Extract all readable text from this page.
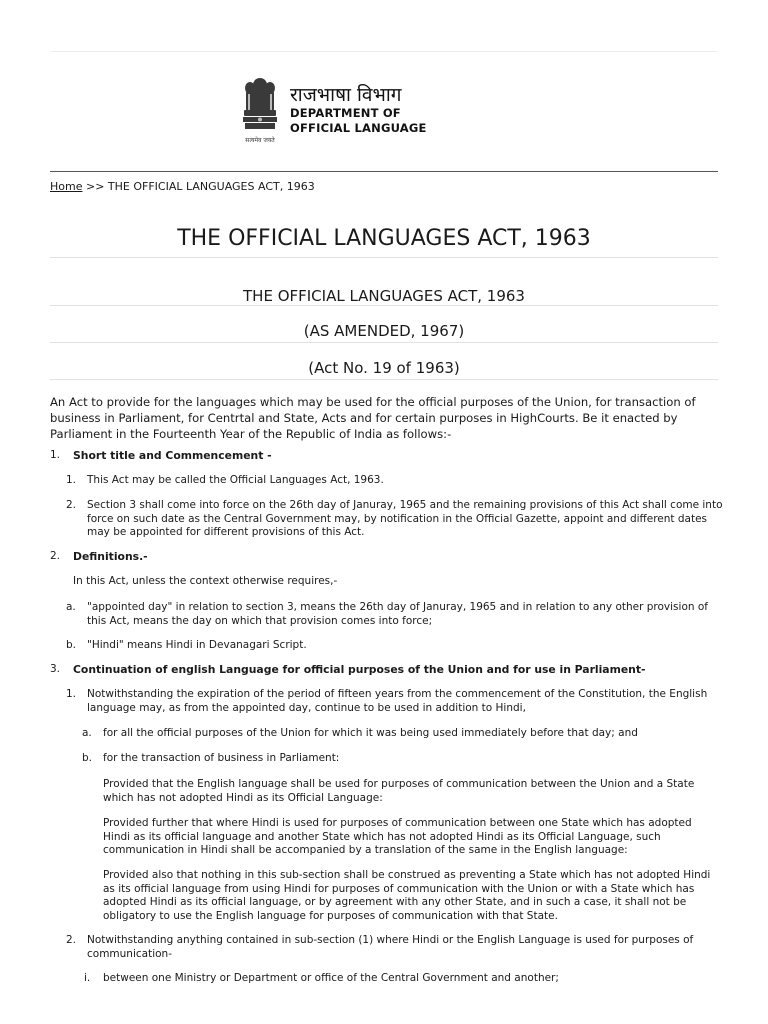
सत्यमेव जयते
राजभाषा विभाग
DEPARTMENT OF
OFFICIAL LANGUAGE
Home >> THE OFFICIAL LANGUAGES ACT, 1963
THE OFFICIAL LANGUAGES ACT, 1963
THE OFFICIAL LANGUAGES ACT, 1963
(AS AMENDED, 1967)
(Act No. 19 of 1963)
An Act to provide for the languages which may be used for the official purposes of the Union, for transaction of business in Parliament, for Centrtal and State, Acts and for certain purposes in HighCourts. Be it enacted by Parliament in the Fourteenth Year of the Republic of India as follows:-
1. Short title and Commencement -
1. This Act may be called the Official Languages Act, 1963.
2. Section 3 shall come into force on the 26th day of Januray, 1965 and the remaining provisions of this Act shall come into force on such date as the Central Government may, by notification in the Official Gazette, appoint and different dates may be appointed for different provisions of this Act.
2. Definitions.-
In this Act, unless the context otherwise requires,-
a. "appointed day" in relation to section 3, means the 26th day of Januray, 1965 and in relation to any other provision of this Act, means the day on which that provision comes into force;
b. "Hindi" means Hindi in Devanagari Script.
3. Continuation of english Language for official purposes of the Union and for use in Parliament-
1. Notwithstanding the expiration of the period of fifteen years from the commencement of the Constitution, the English language may, as from the appointed day, continue to be used in addition to Hindi,
a. for all the official purposes of the Union for which it was being used immediately before that day; and
b. for the transaction of business in Parliament:
Provided that the English language shall be used for purposes of communication between the Union and a State which has not adopted Hindi as its Official Language:
Provided further that where Hindi is used for purposes of communication between one State which has adopted Hindi as its official language and another State which has not adopted Hindi as its Official Language, such communication in Hindi shall be accompanied by a translation of the same in the English language:
Provided also that nothing in this sub-section shall be construed as preventing a State which has not adopted Hindi as its official language from using Hindi for purposes of communication with the Union or with a State which has adopted Hindi as its official language, or by agreement with any other State, and in such a case, it shall not be obligatory to use the English language for purposes of communication with that State.
2. Notwithstanding anything contained in sub-section (1) where Hindi or the English Language is used for purposes of communication-
i. between one Ministry or Department or office of the Central Government and another;
